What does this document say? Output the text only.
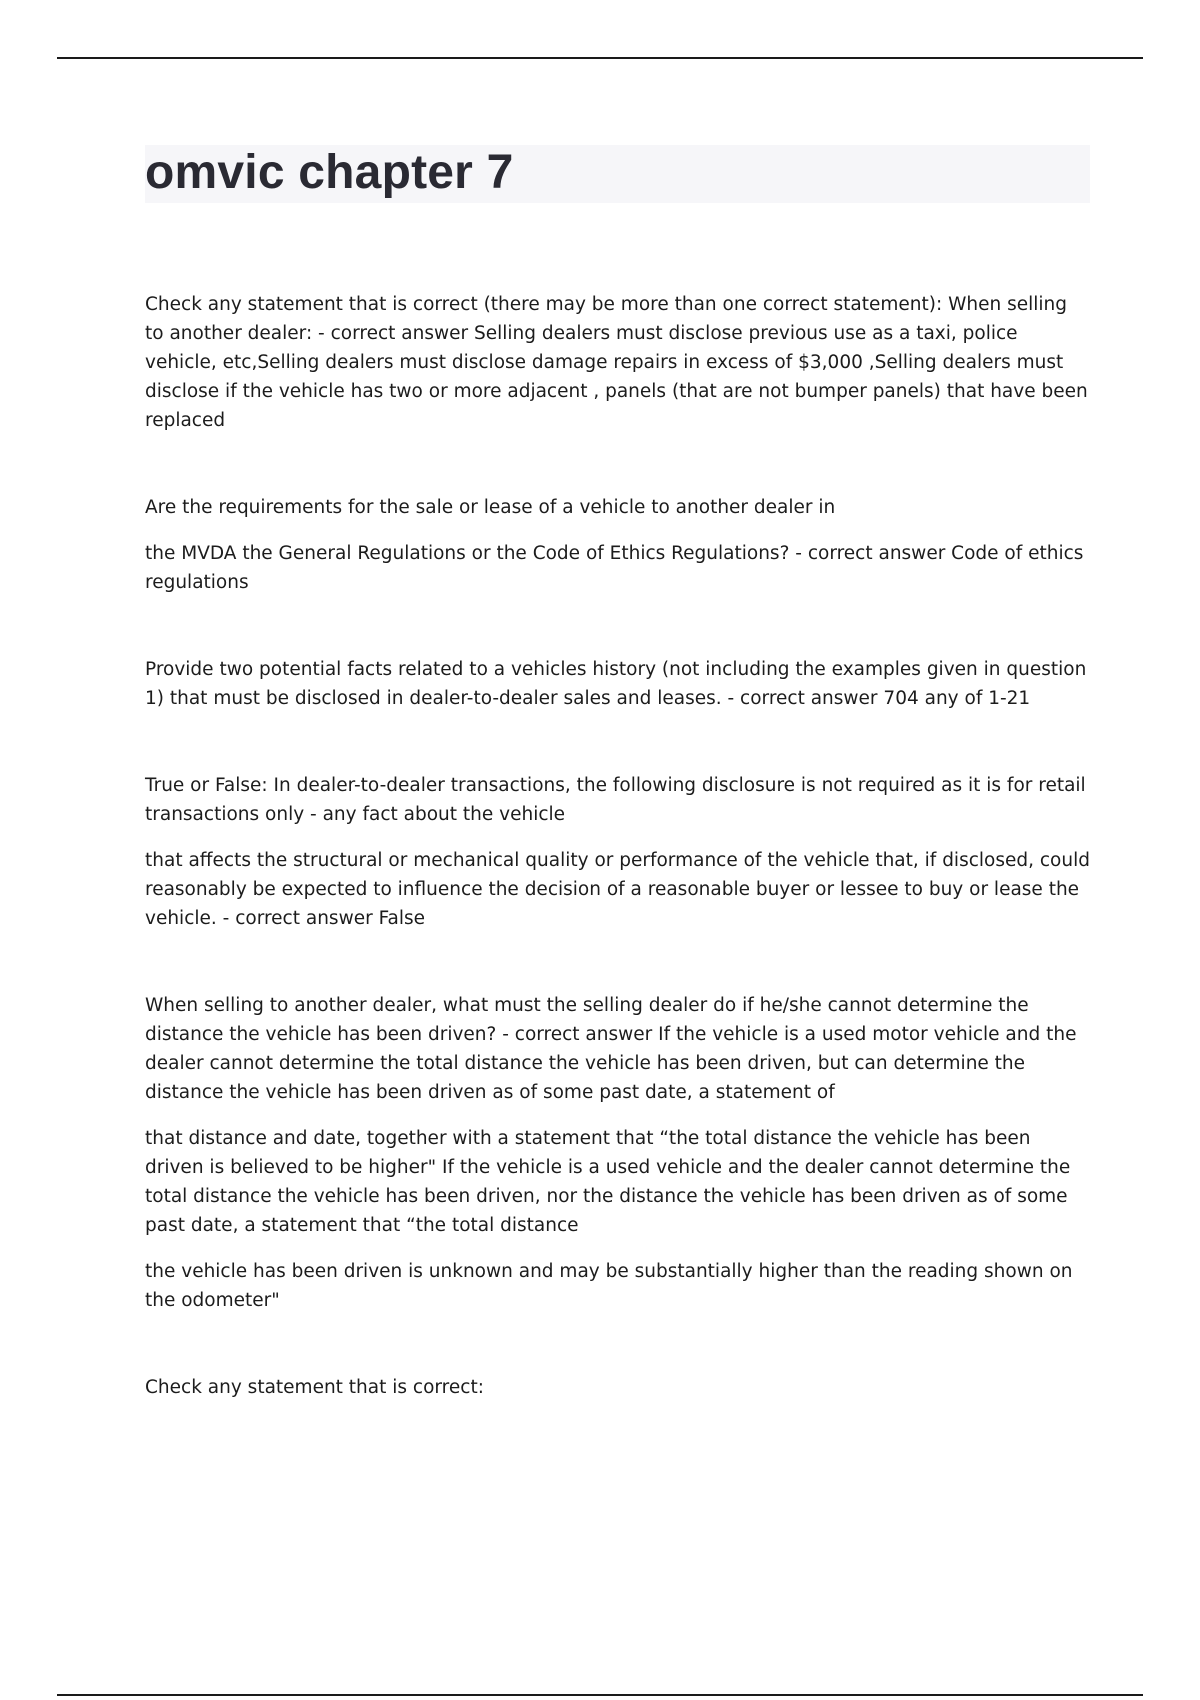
omvic chapter 7

Check any statement that is correct (there may be more than one correct statement): When selling to another dealer: - correct answer Selling dealers must disclose previous use as a taxi, police vehicle, etc,Selling dealers must disclose damage repairs in excess of $3,000 ,Selling dealers must disclose if the vehicle has two or more adjacent , panels (that are not bumper panels) that have been replaced

Are the requirements for the sale or lease of a vehicle to another dealer in

the MVDA the General Regulations or the Code of Ethics Regulations? - correct answer Code of ethics regulations

Provide two potential facts related to a vehicles history (not including the examples given in question 1) that must be disclosed in dealer-to-dealer sales and leases. - correct answer 704 any of 1-21

True or False: In dealer-to-dealer transactions, the following disclosure is not required as it is for retail transactions only - any fact about the vehicle

that affects the structural or mechanical quality or performance of the vehicle that, if disclosed, could reasonably be expected to influence the decision of a reasonable buyer or lessee to buy or lease the vehicle. - correct answer False

When selling to another dealer, what must the selling dealer do if he/she cannot determine the distance the vehicle has been driven? - correct answer If the vehicle is a used motor vehicle and the dealer cannot determine the total distance the vehicle has been driven, but can determine the distance the vehicle has been driven as of some past date, a statement of

that distance and date, together with a statement that “the total distance the vehicle has been driven is believed to be higher" If the vehicle is a used vehicle and the dealer cannot determine the total distance the vehicle has been driven, nor the distance the vehicle has been driven as of some past date, a statement that “the total distance

the vehicle has been driven is unknown and may be substantially higher than the reading shown on the odometer"

Check any statement that is correct:
